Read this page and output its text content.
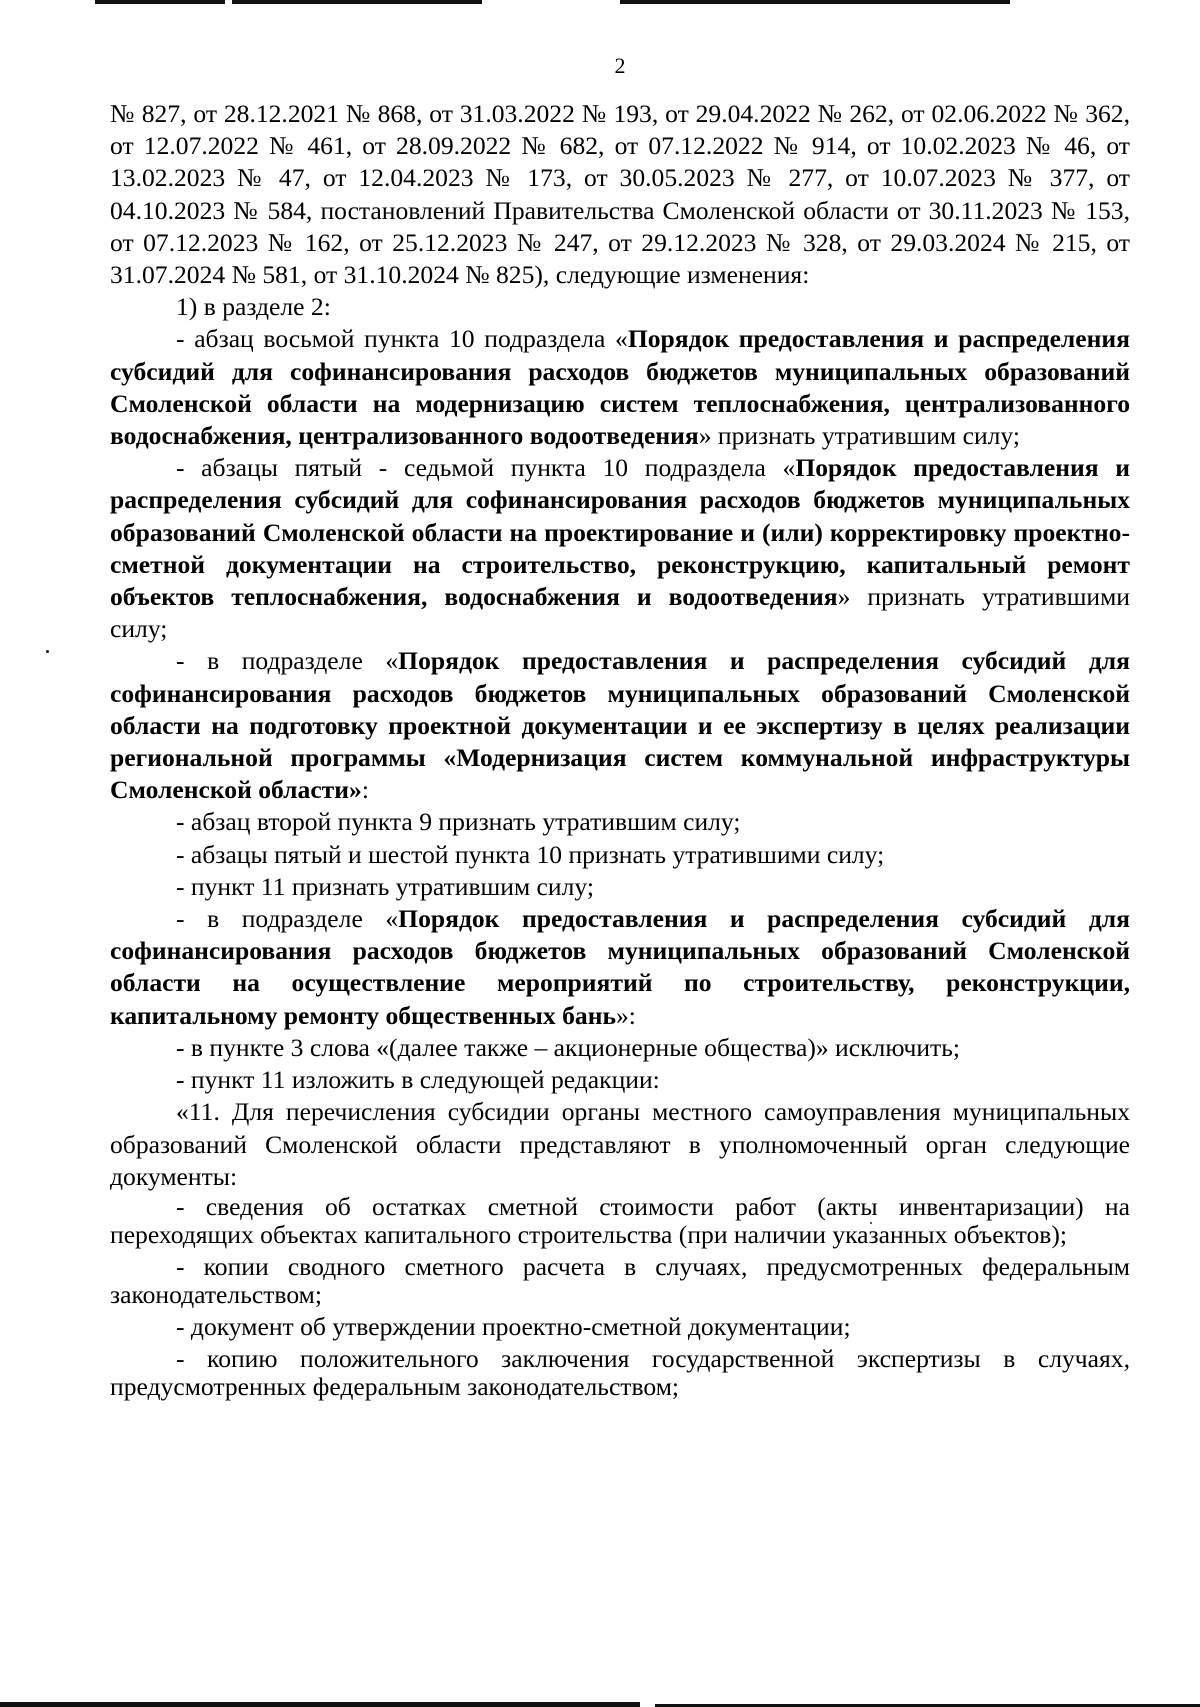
2

№ 827, от 28.12.2021 № 868, от 31.03.2022 № 193, от 29.04.2022 № 262, от 02.06.2022 № 362, от 12.07.2022 № 461, от 28.09.2022 № 682, от 07.12.2022 № 914, от 10.02.2023 № 46, от 13.02.2023 № 47, от 12.04.2023 № 173, от 30.05.2023 № 277, от 10.07.2023 № 377, от 04.10.2023 № 584, постановлений Правительства Смоленской области от 30.11.2023 № 153, от 07.12.2023 № 162, от 25.12.2023 № 247, от 29.12.2023 № 328, от 29.03.2024 № 215, от 31.07.2024 № 581, от 31.10.2024 № 825), следующие изменения:

1) в разделе 2:

- абзац восьмой пункта 10 подраздела «Порядок предоставления и распределения субсидий для софинансирования расходов бюджетов муниципальных образований Смоленской области на модернизацию систем теплоснабжения, централизованного водоснабжения, централизованного водоотведения» признать утратившим силу;

- абзацы пятый - седьмой пункта 10 подраздела «Порядок предоставления и распределения субсидий для софинансирования расходов бюджетов муниципальных образований Смоленской области на проектирование и (или) корректировку проектно-сметной документации на строительство, реконструкцию, капитальный ремонт объектов теплоснабжения, водоснабжения и водоотведения» признать утратившими силу;

- в подразделе «Порядок предоставления и распределения субсидий для софинансирования расходов бюджетов муниципальных образований Смоленской области на подготовку проектной документации и ее экспертизу в целях реализации региональной программы «Модернизация систем коммунальной инфраструктуры Смоленской области»:

- абзац второй пункта 9 признать утратившим силу;

- абзацы пятый и шестой пункта 10 признать утратившими силу;

- пункт 11 признать утратившим силу;

- в подразделе «Порядок предоставления и распределения субсидий для софинансирования расходов бюджетов муниципальных образований Смоленской области на осуществление мероприятий по строительству, реконструкции, капитальному ремонту общественных бань»:

- в пункте 3 слова «(далее также – акционерные общества)» исключить;

- пункт 11 изложить в следующей редакции:

«11. Для перечисления субсидии органы местного самоуправления муниципальных образований Смоленской области представляют в уполномоченный орган следующие документы:

- сведения об остатках сметной стоимости работ (акты инвентаризации) на переходящих объектах капитального строительства (при наличии указанных объектов);

- копии сводного сметного расчета в случаях, предусмотренных федеральным законодательством;

- документ об утверждении проектно-сметной документации;

- копию положительного заключения государственной экспертизы в случаях, предусмотренных федеральным законодательством;
